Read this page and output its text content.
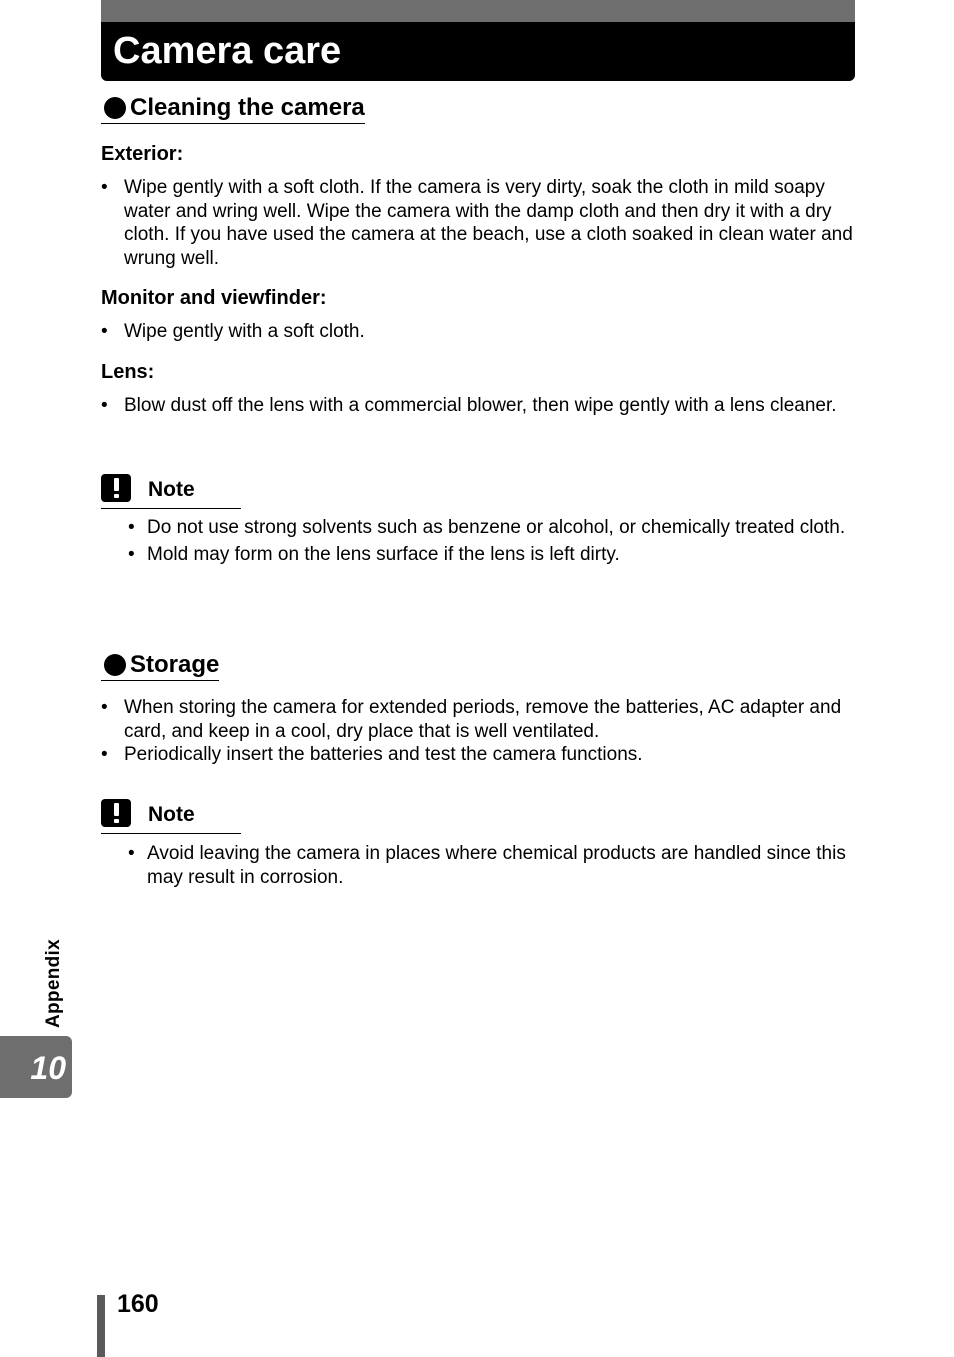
Camera care
Cleaning the camera
Exterior:
• Wipe gently with a soft cloth. If the camera is very dirty, soak the cloth in mild soapy water and wring well. Wipe the camera with the damp cloth and then dry it with a dry cloth. If you have used the camera at the beach, use a cloth soaked in clean water and wrung well.
Monitor and viewfinder:
• Wipe gently with a soft cloth.
Lens:
• Blow dust off the lens with a commercial blower, then wipe gently with a lens cleaner.
Note
• Do not use strong solvents such as benzene or alcohol, or chemically treated cloth.
• Mold may form on the lens surface if the lens is left dirty.
Storage
• When storing the camera for extended periods, remove the batteries, AC adapter and card, and keep in a cool, dry place that is well ventilated.
• Periodically insert the batteries and test the camera functions.
Note
• Avoid leaving the camera in places where chemical products are handled since this may result in corrosion.
Appendix
10
160
